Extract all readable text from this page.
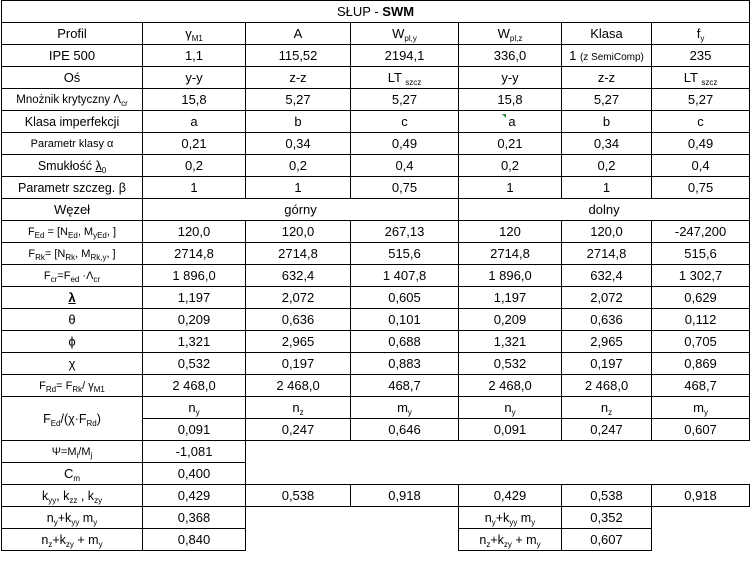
SŁUP - SWM						
Profil	$\gamma_{M1}$	A	$W_{pl,y}$	$W_{pl,z}$	Klasa	$f_y$
IPE 500	1,1	115,52	2194,1	336,0	1 (z SemiComp)	235
Oś	y-y	z-z	LT $_{szcz}$	y-y	z-z	LT $_{szcz}$
Mnożnik krytyczny $\Lambda_{cr}$	15,8	5,27	5,27	15,8	5,27	5,27
Klasa imperfekcji	a	b	c	a	b	c
Parametr klasy α	0,21	0,34	0,49	0,21	0,34	0,49
Smukłość $\lambda_0$	0,2	0,2	0,4	0,2	0,2	0,4
Parametr szczeg. β	1	1	0,75	1	1	0,75
Węzeł	górny			dolny		
$F_{Ed} = [N_{Ed}$, $M_{yEd}$, ]	120,0	120,0	267,13	120	120,0	-247,200
$F_{Rk}= [N_{Rk}$, $M_{Rk,y}$, ]	2714,8	2714,8	515,6	2714,8	2714,8	515,6
$F_{cr}=F_{ed} \cdot\Lambda_{cr}$	1 896,0	632,4	1 407,8	1 896,0	632,4	1 302,7
λ	1,197	2,072	0,605	1,197	2,072	0,629
θ	0,209	0,636	0,101	0,209	0,636	0,112
ϕ	1,321	2,965	0,688	1,321	2,965	0,705
χ	0,532	0,197	0,883	0,532	0,197	0,869
$F_{Rd}= F_{Rk}/$ $\gamma_{M1}$	2 468,0	2 468,0	468,7	2 468,0	2 468,0	468,7
$F_{Ed}/(\chi\cdot F_{Rd})$	$n_y$	$n_z$	$m_y$	$n_y$	$n_z$	$m_y$
	0,091	0,247	0,646	0,091	0,247	0,607
$\Psi=M_i/M_j$	-1,081					
$C_m$	0,400					
$k_{yy}$, $k_{zz}$ , $k_{zy}$	0,429	0,538	0,918	0,429	0,538	0,918
$n_y+k_{yy}$ $m_y$	0,368			$n_y+k_{yy}$ $m_y$	0,352	
$n_z+k_{zy} + m_y$	0,840			$n_z+k_{zy} + m_y$	0,607	
